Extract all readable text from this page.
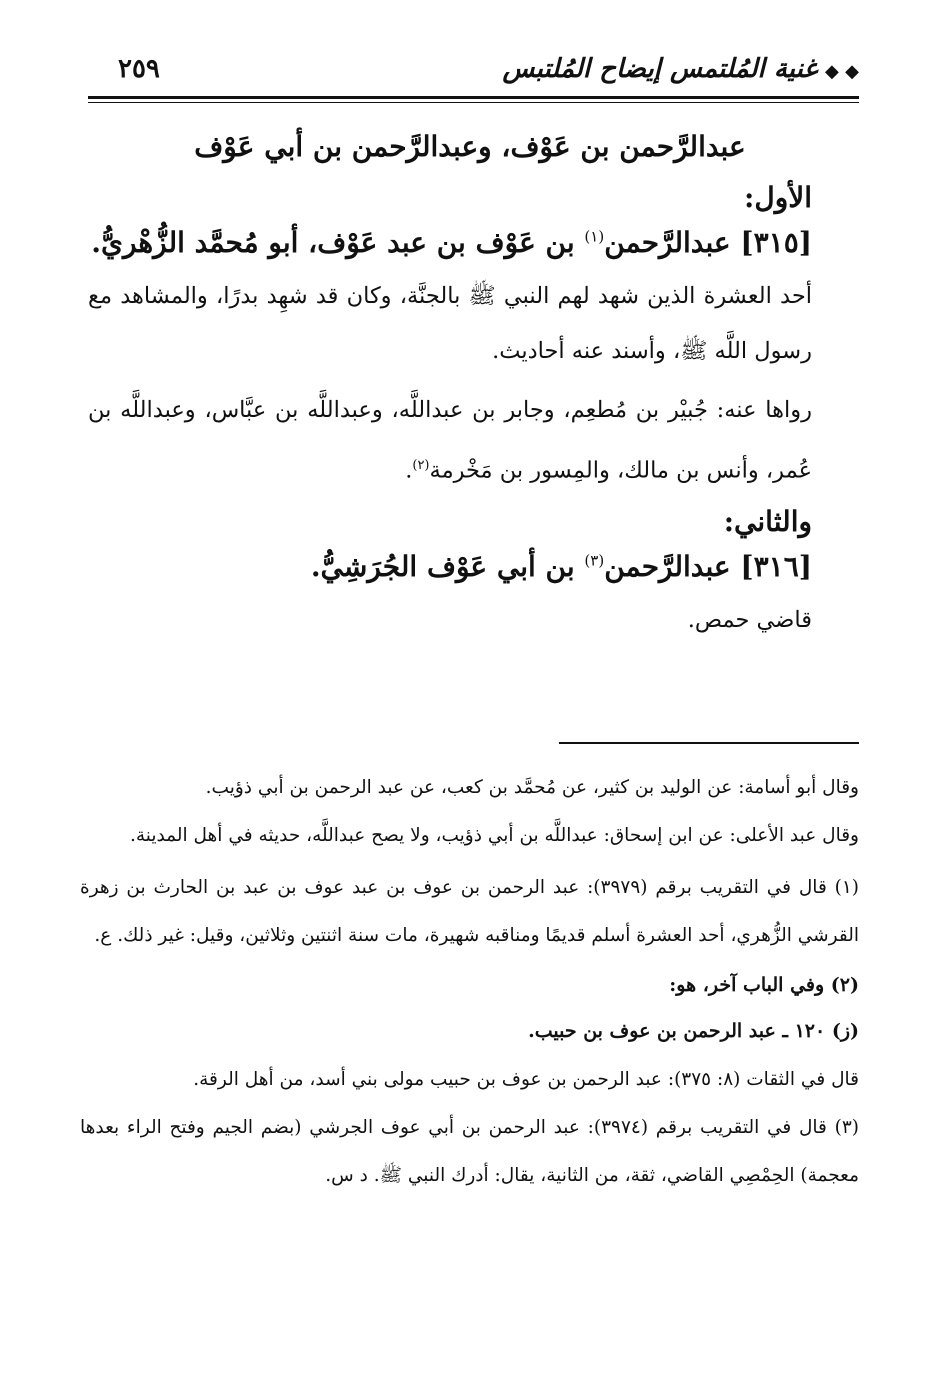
◆ ◆غنية المُلتمس إيضاح المُلتبس
٢٥٩
عبدالرَّحمن بن عَوْف، وعبدالرَّحمن بن أبي عَوْف
الأول:
[٣١٥] عبدالرَّحمن$^{(١)}$ بن عَوْف بن عبد عَوْف، أبو مُحمَّد الزُّهْريُّ.

أحد العشرة الذين شهد لهم النبي ﷺ بالجنَّة، وكان قد شهِد بدرًا، والمشاهد مع رسول اللَّه ﷺ، وأسند عنه أحاديث.

رواها عنه: جُبيْر بن مُطعِم، وجابر بن عبداللَّه، وعبداللَّه بن عبَّاس، وعبداللَّه بن عُمر، وأنس بن مالك، والمِسور بن مَخْرمة$^{(٢)}$.

والثاني:
[٣١٦] عبدالرَّحمن$^{(٣)}$ بن أبي عَوْف الجُرَشِيُّ.

قاضي حمص.

وقال أبو أسامة: عن الوليد بن كثير، عن مُحمَّد بن كعب، عن عبد الرحمن بن أبي ذؤيب.

وقال عبد الأعلى: عن ابن إسحاق: عبداللَّه بن أبي ذؤيب، ولا يصح عبداللَّه، حديثه في أهل المدينة.

(١) قال في التقريب برقم (٣٩٧٩): عبد الرحمن بن عوف بن عبد عوف بن عبد بن الحارث بن زهرة القرشي الزُّهري، أحد العشرة أسلم قديمًا ومناقبه شهيرة، مات سنة اثنتين وثلاثين، وقيل: غير ذلك. ع.

(٢) وفي الباب آخر، هو:

(ز) ١٢٠ ـ عبد الرحمن بن عوف بن حبيب.

قال في الثقات (٨: ٣٧٥): عبد الرحمن بن عوف بن حبيب مولى بني أسد، من أهل الرقة.

(٣) قال في التقريب برقم (٣٩٧٤): عبد الرحمن بن أبي عوف الجرشي (بضم الجيم وفتح الراء بعدها معجمة) الحِمْصِي القاضي، ثقة، من الثانية، يقال: أدرك النبي ﷺ. د س.
